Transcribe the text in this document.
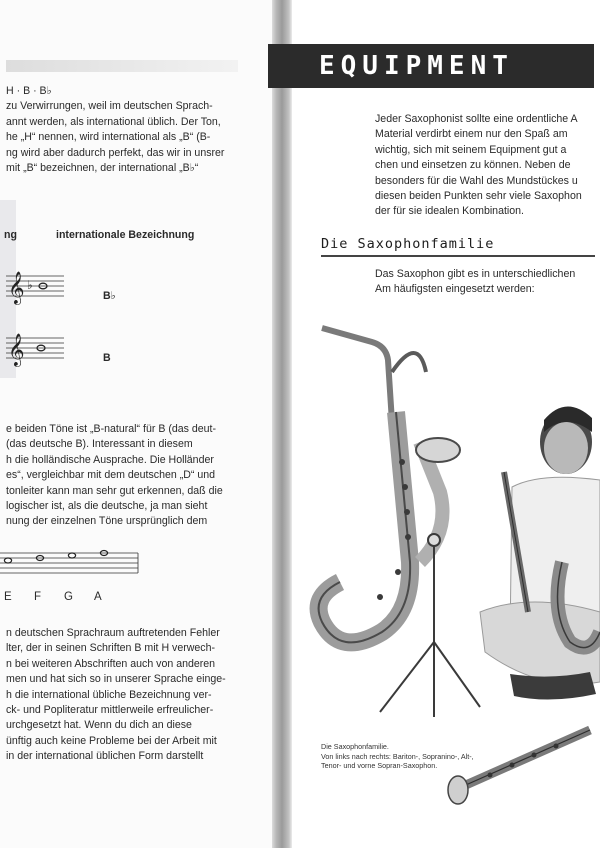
H · B · B♭
zu Verwirrungen, weil im deutschen Sprach-
annt werden, als international üblich. Der Ton,
he „H“ nennen, wird international als „B“ (B-
ng wird aber dadurch perfekt, das wir in unsrer
mit „B“ bezeichnen, der international „B♭“
ng	internationale Bezeichnung
𝄞 ♭
B♭
𝄞	B
e beiden Töne ist „B-natural“ für B (das deut-
(das deutsche B). Interessant in diesem
h die holländische Ausprache. Die Holländer
es“, vergleichbar mit dem deutschen „D“ und
tonleiter kann man sehr gut erkennen, daß die
logischer ist, als die deutsche, ja man sieht
nung der einzelnen Töne ursprünglich dem
E F G A
n deutschen Sprachraum auftretenden Fehler
lter, der in seinen Schriften B mit H verwech-
n bei weiteren Abschriften auch von anderen
men und hat sich so in unserer Sprache einge-
h die international übliche Bezeichnung ver-
ck- und Popliteratur mittlerweile erfreulicher-
urchgesetzt hat. Wenn du dich an diese
ünftig auch keine Probleme bei der Arbeit mit
in der international üblichen Form darstellt
EQUIPMENT
Jeder Saxophonist sollte eine ordentliche A
Material verdirbt einem nur den Spaß am
wichtig, sich mit seinem Equipment gut a
chen und einsetzen zu können. Neben de
besonders für die Wahl des Mundstückes u
diesen beiden Punkten sehr viele Saxophon
der für sie idealen Kombination.
Die Saxophonfamilie
Das Saxophon gibt es in unterschiedlichen
Am häufigsten eingesetzt werden:
Die Saxophonfamilie.
Von links nach rechts: Bariton-, Sopranino-, Alt-,
Tenor- und vorne Sopran-Saxophon.
